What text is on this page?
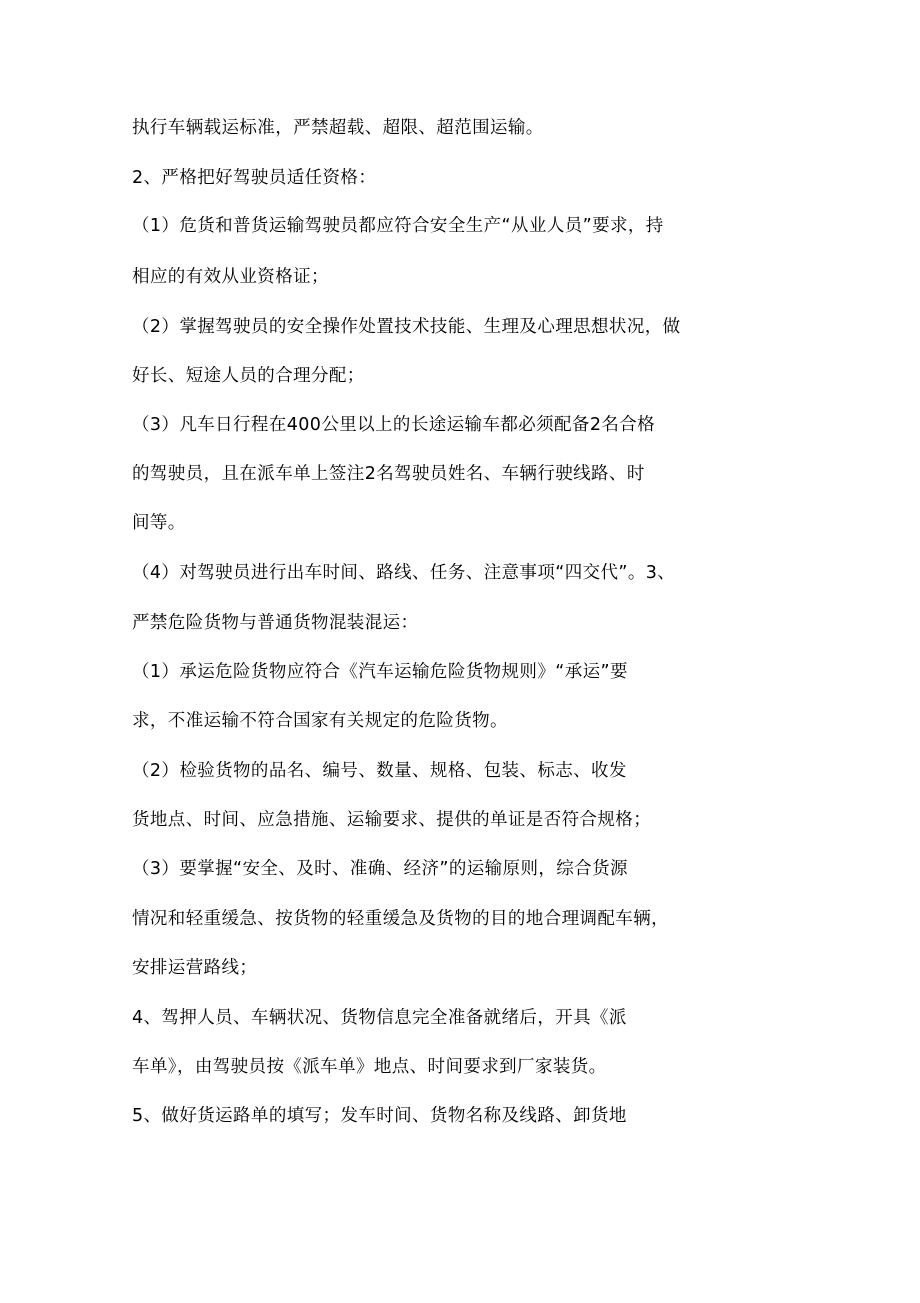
执行车辆载运标准，严禁超载、超限、超范围运输。
2、严格把好驾驶员适任资格：
（1）危货和普货运输驾驶员都应符合安全生产“从业人员”要求，持
相应的有效从业资格证；
（2）掌握驾驶员的安全操作处置技术技能、生理及心理思想状况，做
好长、短途人员的合理分配；
（3）凡车日行程在400公里以上的长途运输车都必须配备2名合格
的驾驶员，且在派车单上签注2名驾驶员姓名、车辆行驶线路、时
间等。
（4）对驾驶员进行出车时间、路线、任务、注意事项“四交代”。3、
严禁危险货物与普通货物混装混运：
（1）承运危险货物应符合《汽车运输危险货物规则》“承运”要
求，不准运输不符合国家有关规定的危险货物。
（2）检验货物的品名、编号、数量、规格、包装、标志、收发
货地点、时间、应急措施、运输要求、提供的单证是否符合规格；
（3）要掌握“安全、及时、准确、经济”的运输原则，综合货源
情况和轻重缓急、按货物的轻重缓急及货物的目的地合理调配车辆，
安排运营路线；
4、驾押人员、车辆状况、货物信息完全准备就绪后，开具《派
车单》，由驾驶员按《派车单》地点、时间要求到厂家装货。
5、做好货运路单的填写；发车时间、货物名称及线路、卸货地
